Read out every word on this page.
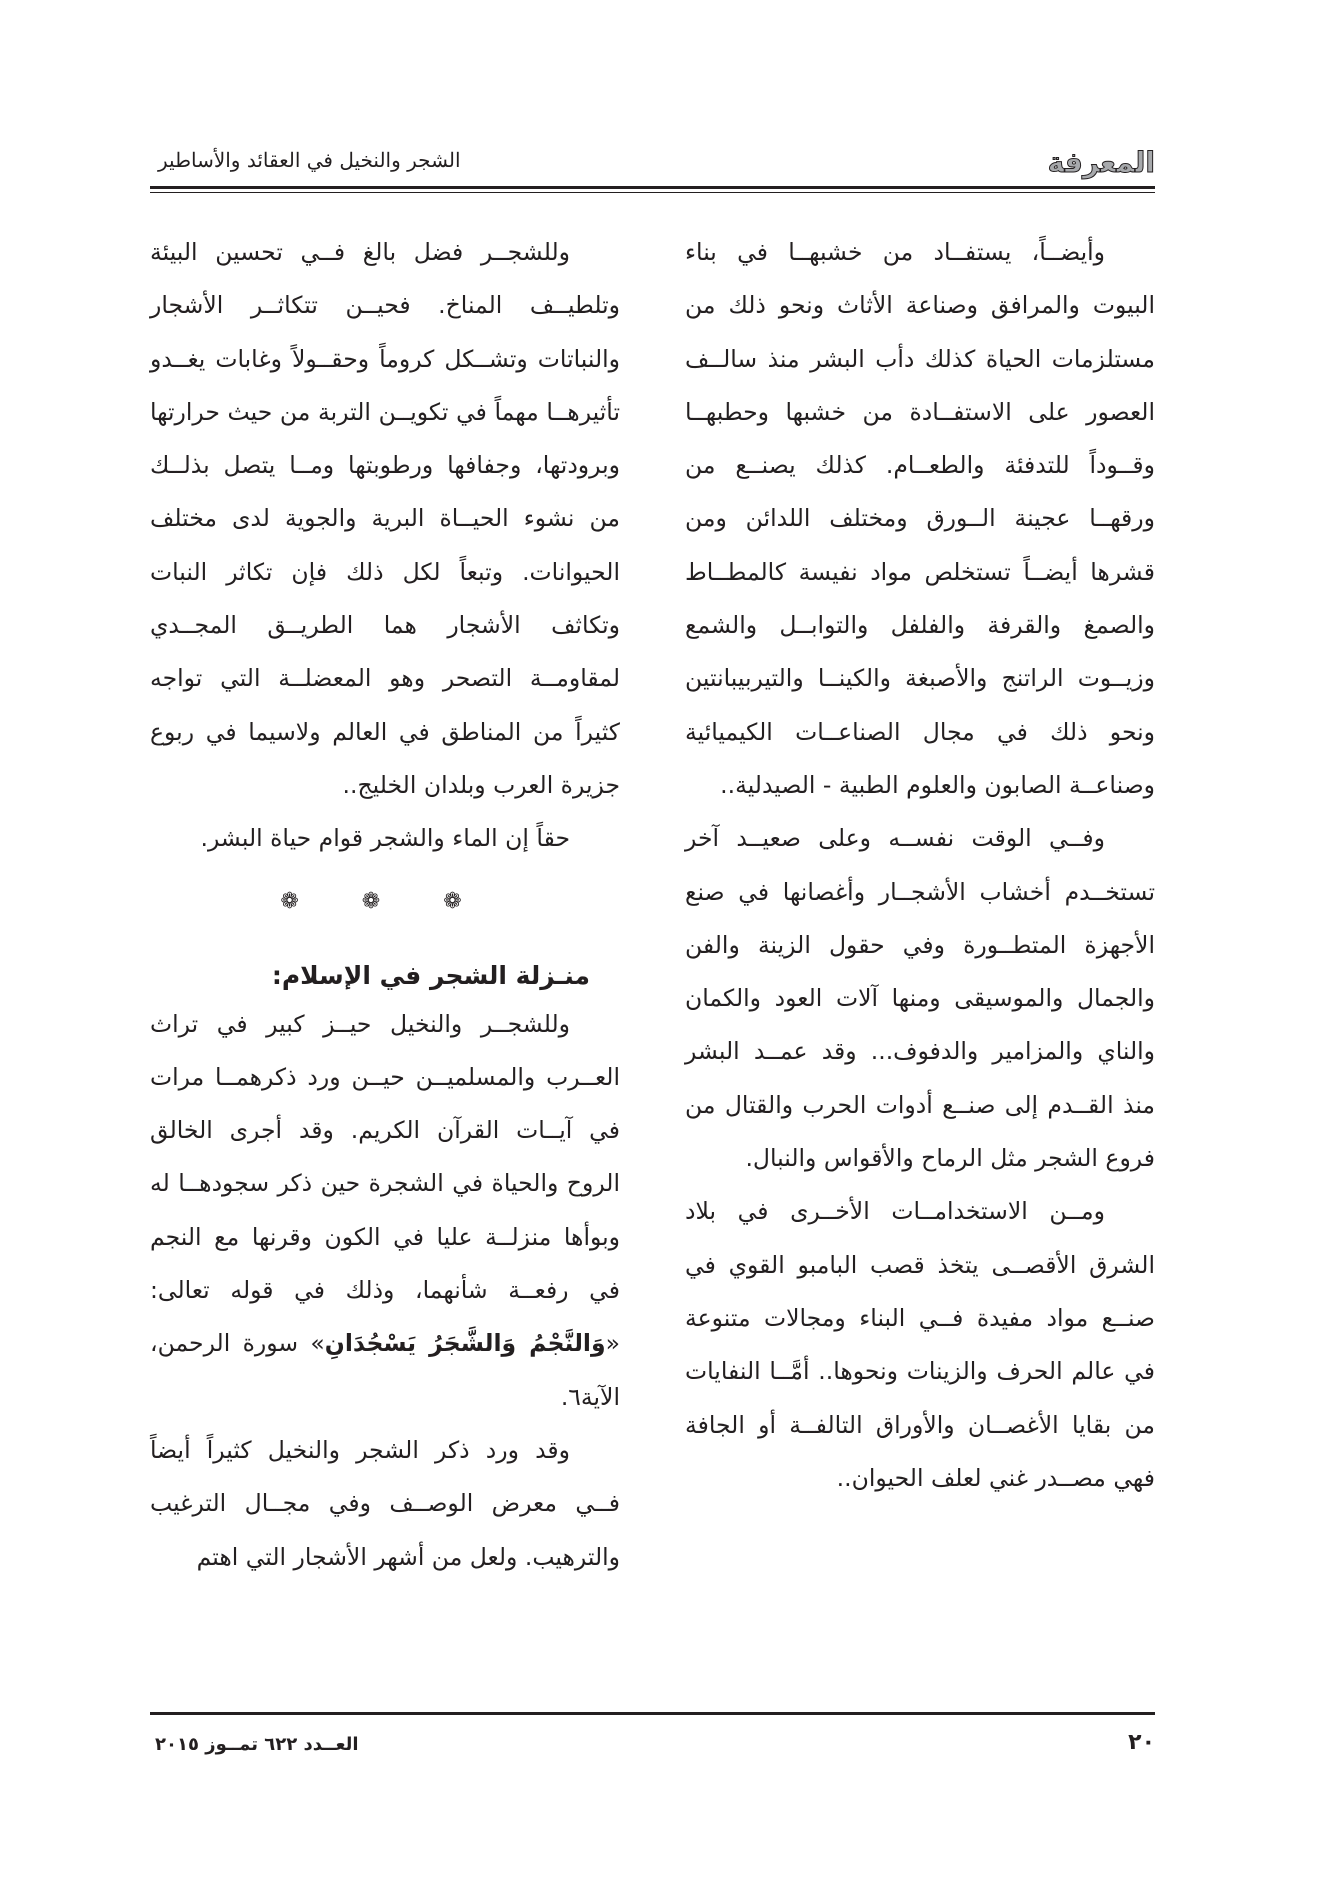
المعرفة
الشجر والنخيل في العقائد والأساطير

وأيضــاً، يستفــاد من خشبهــا في بناء البيوت والمرافق وصناعة الأثاث ونحو ذلك من مستلزمات الحياة كذلك دأب البشر منذ سالــف العصور على الاستفــادة من خشبها وحطبهــا وقــوداً للتدفئة والطعــام. كذلك يصنــع من ورقهــا عجينة الــورق ومختلف اللدائن ومن قشرها أيضــاً تستخلص مواد نفيسة كالمطــاط والصمغ والقرفة والفلفل والتوابــل والشمع وزيــوت الراتنج والأصبغة والكينــا والتيربيبانتين ونحو ذلك في مجال الصناعــات الكيميائية وصناعــة الصابون والعلوم الطبية - الصيدلية..

وفــي الوقت نفســه وعلى صعيــد آخر تستخــدم أخشاب الأشجــار وأغصانها في صنع الأجهزة المتطــورة وفي حقول الزينة والفن والجمال والموسيقى ومنها آلات العود والكمان والناي والمزامير والدفوف... وقد عمــد البشر منذ القــدم إلى صنــع أدوات الحرب والقتال من فروع الشجر مثل الرماح والأقواس والنبال.

ومــن الاستخدامــات الأخــرى في بلاد الشرق الأقصــى يتخذ قصب البامبو القوي في صنــع مواد مفيدة فــي البناء ومجالات متنوعة في عالم الحرف والزينات ونحوها.. أمَّــا النفايات من بقايا الأغصــان والأوراق التالفــة أو الجافة فهي مصــدر غني لعلف الحيوان..

وللشجــر فضل بالغ فــي تحسين البيئة وتلطيــف المناخ. فحيــن تتكاثــر الأشجار والنباتات وتشــكل كروماً وحقــولاً وغابات يغــدو تأثيرهــا مهماً في تكويــن التربة من حيث حرارتها وبرودتها، وجفافها ورطوبتها ومــا يتصل بذلــك من نشوء الحيــاة البرية والجوية لدى مختلف الحيوانات. وتبعاً لكل ذلك فإن تكاثر النبات وتكاثف الأشجار هما الطريــق المجــدي لمقاومــة التصحر وهو المعضلــة التي تواجه كثيراً من المناطق في العالم ولاسيما في ربوع جزيرة العرب وبلدان الخليج..

حقاً إن الماء والشجر قوام حياة البشر.

❁ ❁ ❁
منـزلة الشجر في الإسلام:

وللشجــر والنخيل حيــز كبير في تراث العــرب والمسلميــن حيــن ورد ذكرهمــا مرات في آيــات القرآن الكريم. وقد أجرى الخالق الروح والحياة في الشجرة حين ذكر سجودهــا له وبوأها منزلــة عليا في الكون وقرنها مع النجم في رفعــة شأنهما، وذلك في قوله تعالى: «وَالنَّجْمُ وَالشَّجَرُ يَسْجُدَانِ» سورة الرحمن، الآية٦.

وقد ورد ذكر الشجر والنخيل كثيراً أيضاً فــي معرض الوصــف وفي مجــال الترغيب والترهيب. ولعل من أشهر الأشجار التي اهتم

٢٠
العــدد ٦٢٢ تمــوز ٢٠١٥
